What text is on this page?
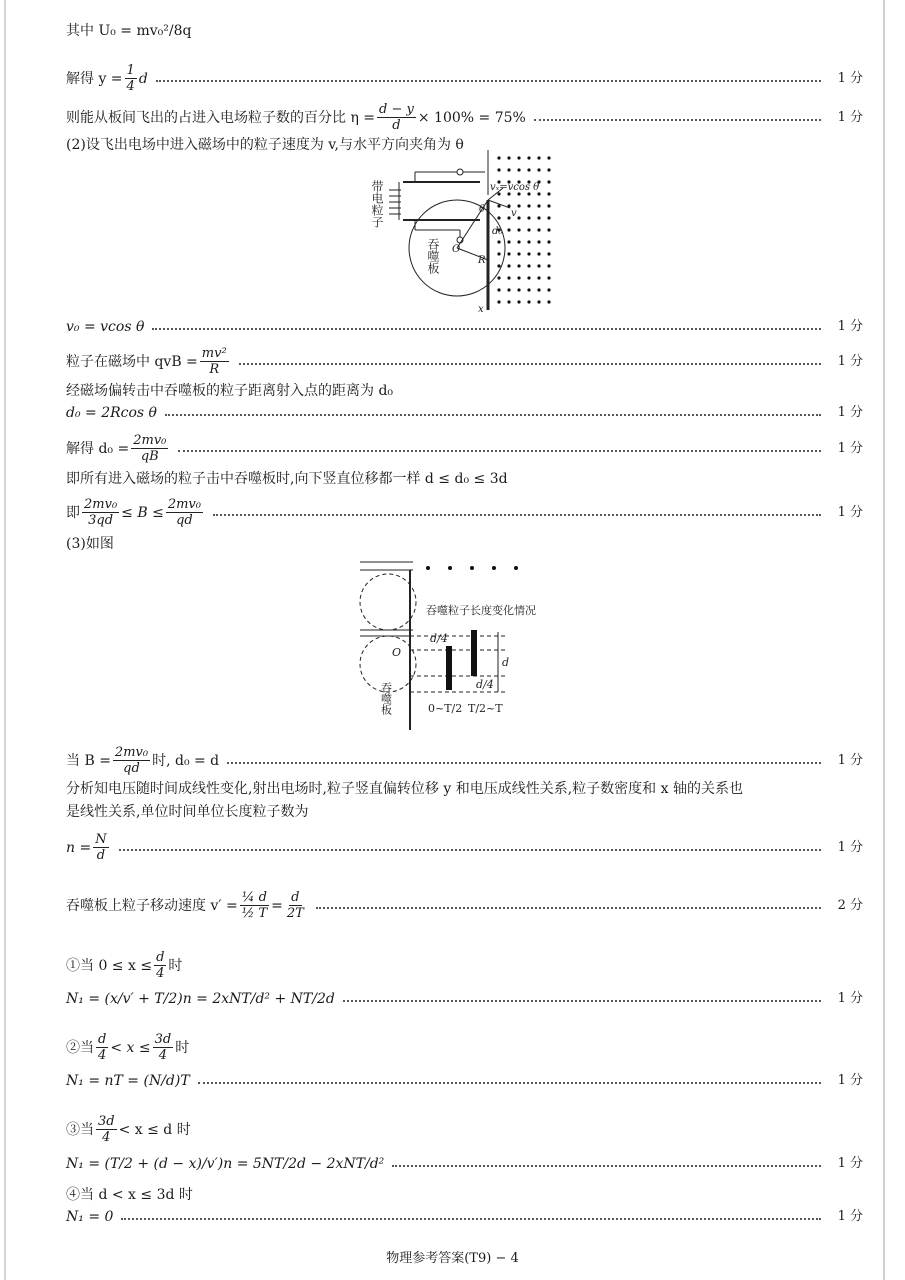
其中 U₀ = mv₀²/8q
解得 $y = \frac{1}{4}$ d	1 分
则能从板间飞出的占进入电场粒子数的百分比 $\eta = \frac{d - y}{d} \times 100\% = 75\%$	1 分
(2)设飞出电场中进入磁场中的粒子速度为 v,与水平方向夹角为 θ
带电粒子	vₓ=vcos θ
θ
O
d₀
R
v
x
吞噬板
v₀ = vcos θ	1 分
粒子在磁场中 qvB = $\frac{\text{mv²}}{R}$	1 分
经磁场偏转击中吞噬板的粒子距离射入点的距离为 d₀
d₀ = 2Rcos θ	1 分
解得 $d_0 = \frac{\text{2mv₀}}{qB}$	1 分
即所有进入磁场的粒子击中吞噬板时,向下竖直位移都一样 d ≤ d₀ ≤ 3d
即 $\frac{\text{2mv₀}}{3qd} \le B \le \frac{\text{2mv₀}}{qd}$	1 分
(3)如图
吞噬粒子长度变化情况
d/4
d/4
d
O
0~T/2 T/2~T
吞噬板
当 $B = \frac{\text{2mv₀}}{qd}$ 时, d₀ = d	1 分
分析知电压随时间成线性变化,射出电场时,粒子竖直偏转位移 y 和电压成线性关系,粒子数密度和 x 轴的关系也
是线性关系,单位时间单位长度粒子数为
$n = \frac{N}{d}$	1 分
吞噬板上粒子移动速度 $v' = \frac{\text{¼ d}}{\text{½ T}} = \frac{d}{2T}$	2 分
①当 $0 \le x \le \frac{d}{4}$ 时
N₁ = (x/v′ + T/2)n = 2xNT/d² + NT/2d	1 分
②当 $\frac{d}{4} < x \le \frac{3d}{4}$ 时
N₁ = nT = (N/d)T	1 分
③当 $\frac{3d}{4} < x \le d$ 时
N₁ = (T/2 + (d − x)/v′)n = 5NT/2d − 2xNT/d²	1 分
④当 d < x ≤ 3d 时
N₁ = 0	1 分
物理参考答案(T9) − 4
